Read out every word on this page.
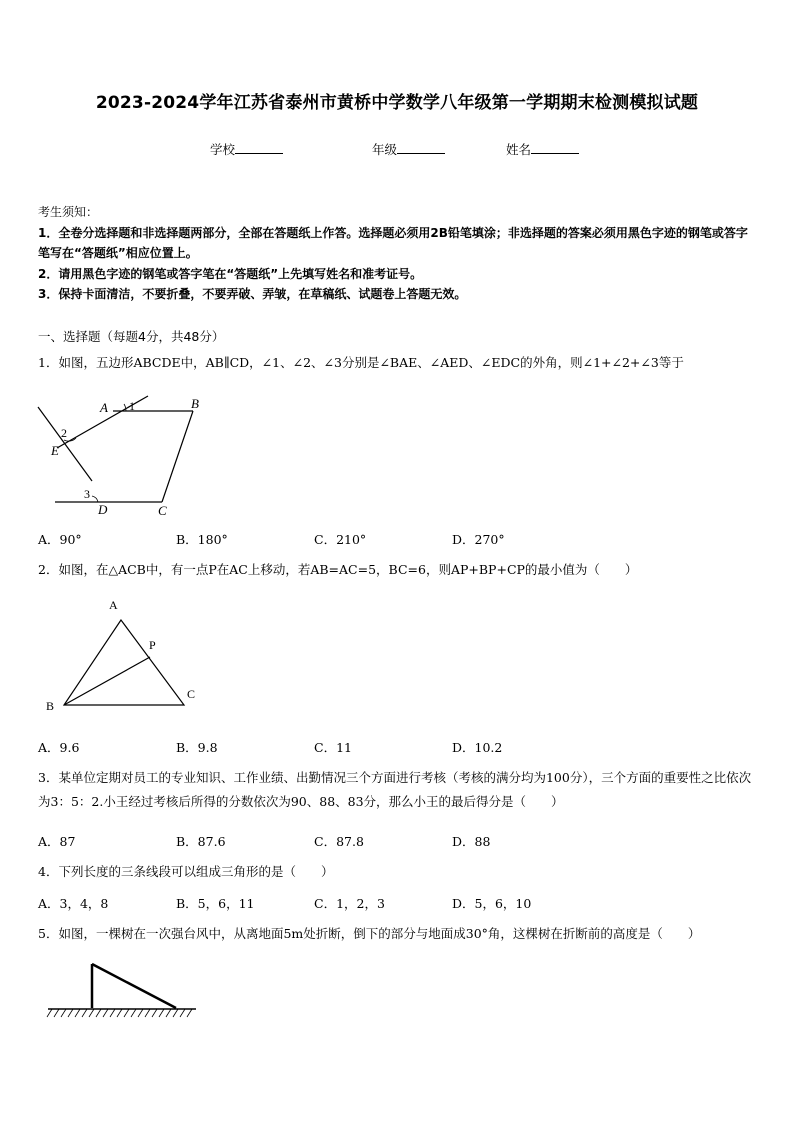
2023-2024学年江苏省泰州市黄桥中学数学八年级第一学期期末检测模拟试题
学校	年级	姓名
考生须知：
1．全卷分选择题和非选择题两部分，全部在答题纸上作答。选择题必须用2B铅笔填涂；非选择题的答案必须用黑色字迹的钢笔或答字笔写在“答题纸”相应位置上。
2．请用黑色字迹的钢笔或答字笔在“答题纸”上先填写姓名和准考证号。
3．保持卡面清洁，不要折叠，不要弄破、弄皱，在草稿纸、试题卷上答题无效。
一、选择题（每题4分，共48分）
1．如图，五边形ABCDE中，AB∥CD，∠1、∠2、∠3分别是∠BAE、∠AED、∠EDC的外角，则∠1+∠2+∠3等于
A 1	B
2
E
3
D	C
A．90°	B．180°	C．210°	D．270°
2．如图，在△ACB中，有一点P在AC上移动，若AB=AC=5，BC=6，则AP+BP+CP的最小值为（　　）
A
P
C
B
A．9.6	B．9.8	C．11	D．10.2
3．某单位定期对员工的专业知识、工作业绩、出勤情况三个方面进行考核（考核的满分均为100分），三个方面的重要性之比依次为3：5：2.小王经过考核后所得的分数依次为90、88、83分，那么小王的最后得分是（　　）
A．87	B．87.6	C．87.8	D．88
4．下列长度的三条线段可以组成三角形的是（　　）
A．3，4，8	B．5，6，11	C．1，2，3	D．5，6，10
5．如图，一棵树在一次强台风中，从离地面5m处折断，倒下的部分与地面成30°角，这棵树在折断前的高度是（　　）
